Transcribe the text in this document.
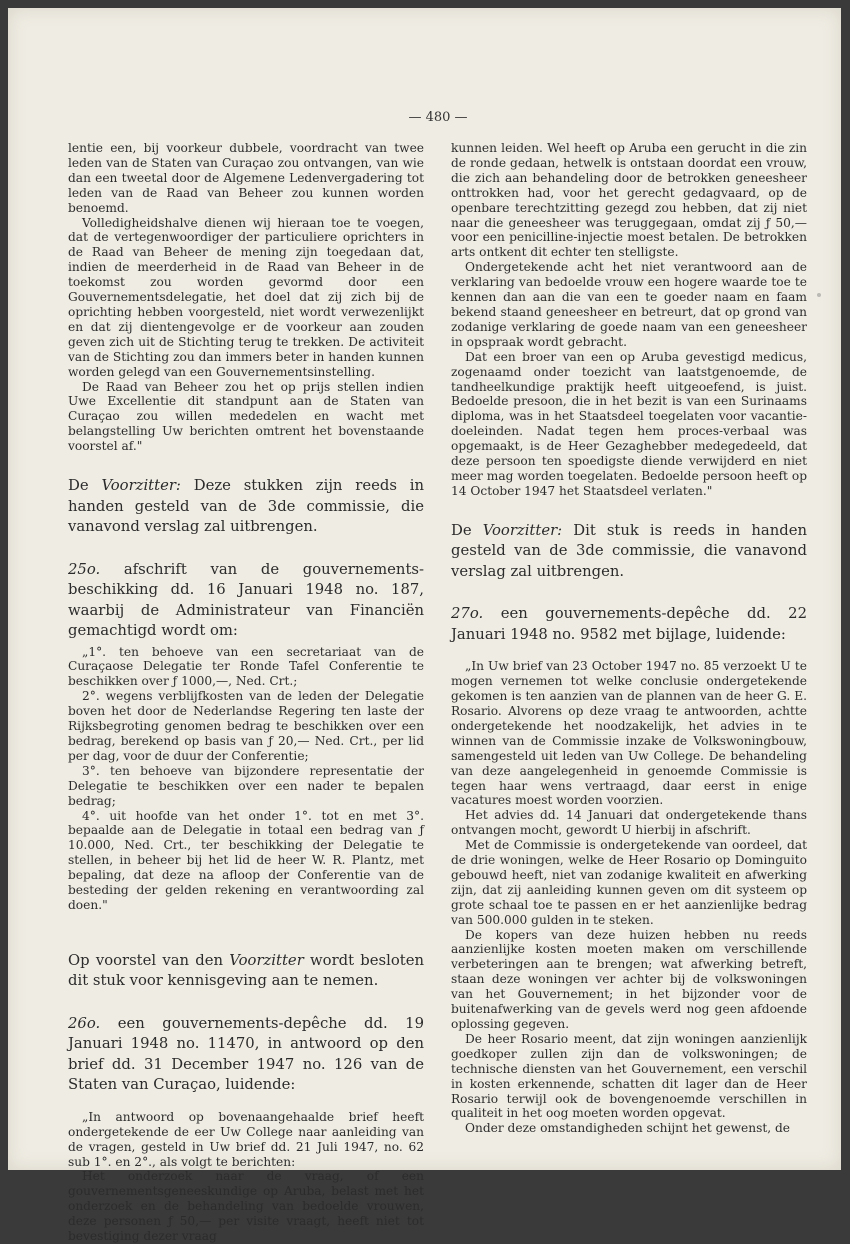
— 480 —

lentie een, bij voorkeur dubbele, voordracht van twee leden van de Staten van Curaçao zou ontvangen, van wie dan een tweetal door de Algemene Ledenvergadering tot leden van de Raad van Beheer zou kunnen worden benoemd.

Volledigheidshalve dienen wij hieraan toe te voegen, dat de vertegenwoordiger der particuliere oprichters in de Raad van Beheer de mening zijn toegedaan dat, indien de meerderheid in de Raad van Beheer in de toekomst zou worden gevormd door een Gouvernementsdelegatie, het doel dat zij zich bij de oprichting hebben voorgesteld, niet wordt verwezenlijkt en dat zij dientengevolge er de voorkeur aan zouden geven zich uit de Stichting terug te trekken. De activiteit van de Stichting zou dan immers beter in handen kunnen worden gelegd van een Gouvernementsinstelling.

De Raad van Beheer zou het op prijs stellen indien Uwe Excellentie dit standpunt aan de Staten van Curaçao zou willen mededelen en wacht met belangstelling Uw berichten omtrent het bovenstaande voorstel af."

De Voorzitter: Deze stukken zijn reeds in handen gesteld van de 3de commissie, die vanavond verslag zal uitbrengen.

25o. afschrift van de gouvernements-beschikking dd. 16 Januari 1948 no. 187, waarbij de Administrateur van Financiën gemachtigd wordt om:

„1°. ten behoeve van een secretariaat van de Curaçaose Delegatie ter Ronde Tafel Conferentie te beschikken over ƒ 1000,—, Ned. Crt.;

2°. wegens verblijfkosten van de leden der Delegatie boven het door de Nederlandse Regering ten laste der Rijksbegroting genomen bedrag te beschikken over een bedrag, berekend op basis van ƒ 20,— Ned. Crt., per lid per dag, voor de duur der Conferentie;

3°. ten behoeve van bijzondere representatie der Delegatie te beschikken over een nader te bepalen bedrag;

4°. uit hoofde van het onder 1°. tot en met 3°. bepaalde aan de Delegatie in totaal een bedrag van ƒ 10.000, Ned. Crt., ter beschikking der Delegatie te stellen, in beheer bij het lid de heer W. R. Plantz, met bepaling, dat deze na afloop der Conferentie van de besteding der gelden rekening en verantwoording zal doen."

Op voorstel van den Voorzitter wordt besloten dit stuk voor kennisgeving aan te nemen.

26o. een gouvernements-depêche dd. 19 Januari 1948 no. 11470, in antwoord op den brief dd. 31 December 1947 no. 126 van de Staten van Curaçao, luidende:

„In antwoord op bovenaangehaalde brief heeft ondergetekende de eer Uw College naar aanleiding van de vragen, gesteld in Uw brief dd. 21 Juli 1947, no. 62 sub 1°. en 2°., als volgt te berichten:

Het onderzoek naar de vraag, of een gouvernementsgeneeskundige op Aruba, belast met het onderzoek en de behandeling van bedoelde vrouwen, deze personen ƒ 50,— per visite vraagt, heeft niet tot bevestiging dezer vraag

kunnen leiden. Wel heeft op Aruba een gerucht in die zin de ronde gedaan, hetwelk is ontstaan doordat een vrouw, die zich aan behandeling door de betrokken geneesheer onttrokken had, voor het gerecht gedagvaard, op de openbare terechtzitting gezegd zou hebben, dat zij niet naar die geneesheer was teruggegaan, omdat zij ƒ 50,— voor een penicilline-injectie moest betalen. De betrokken arts ontkent dit echter ten stelligste.

Ondergetekende acht het niet verantwoord aan de verklaring van bedoelde vrouw een hogere waarde toe te kennen dan aan die van een te goeder naam en faam bekend staand geneesheer en betreurt, dat op grond van zodanige verklaring de goede naam van een geneesheer in opspraak wordt gebracht.

Dat een broer van een op Aruba gevestigd medicus, zogenaamd onder toezicht van laatstgenoemde, de tandheelkundige praktijk heeft uitgeoefend, is juist. Bedoelde presoon, die in het bezit is van een Surinaams diploma, was in het Staatsdeel toegelaten voor vacantie-doeleinden. Nadat tegen hem proces-verbaal was opgemaakt, is de Heer Gezaghebber medegedeeld, dat deze persoon ten spoedigste diende verwijderd en niet meer mag worden toegelaten. Bedoelde persoon heeft op 14 October 1947 het Staatsdeel verlaten."

De Voorzitter: Dit stuk is reeds in handen gesteld van de 3de commissie, die vanavond verslag zal uitbrengen.

27o. een gouvernements-depêche dd. 22 Januari 1948 no. 9582 met bijlage, luidende:

„In Uw brief van 23 October 1947 no. 85 verzoekt U te mogen vernemen tot welke conclusie ondergetekende gekomen is ten aanzien van de plannen van de heer G. E. Rosario. Alvorens op deze vraag te antwoorden, achtte ondergetekende het noodzakelijk, het advies in te winnen van de Commissie inzake de Volkswoningbouw, samengesteld uit leden van Uw College. De behandeling van deze aangelegenheid in genoemde Commissie is tegen haar wens vertraagd, daar eerst in enige vacatures moest worden voorzien.

Het advies dd. 14 Januari dat ondergetekende thans ontvangen mocht, gewordt U hierbij in afschrift.

Met de Commissie is ondergetekende van oordeel, dat de drie woningen, welke de Heer Rosario op Dominguito gebouwd heeft, niet van zodanige kwaliteit en afwerking zijn, dat zij aanleiding kunnen geven om dit systeem op grote schaal toe te passen en er het aanzienlijke bedrag van 500.000 gulden in te steken.

De kopers van deze huizen hebben nu reeds aanzienlijke kosten moeten maken om verschillende verbeteringen aan te brengen; wat afwerking betreft, staan deze woningen ver achter bij de volkswoningen van het Gouvernement; in het bijzonder voor de buitenafwerking van de gevels werd nog geen afdoende oplossing gegeven.

De heer Rosario meent, dat zijn woningen aanzienlijk goedkoper zullen zijn dan de volkswoningen; de technische diensten van het Gouvernement, een verschil in kosten erkennende, schatten dit lager dan de Heer Rosario terwijl ook de bovengenoemde verschillen in qualiteit in het oog moeten worden opgevat.

Onder deze omstandigheden schijnt het gewenst, de
